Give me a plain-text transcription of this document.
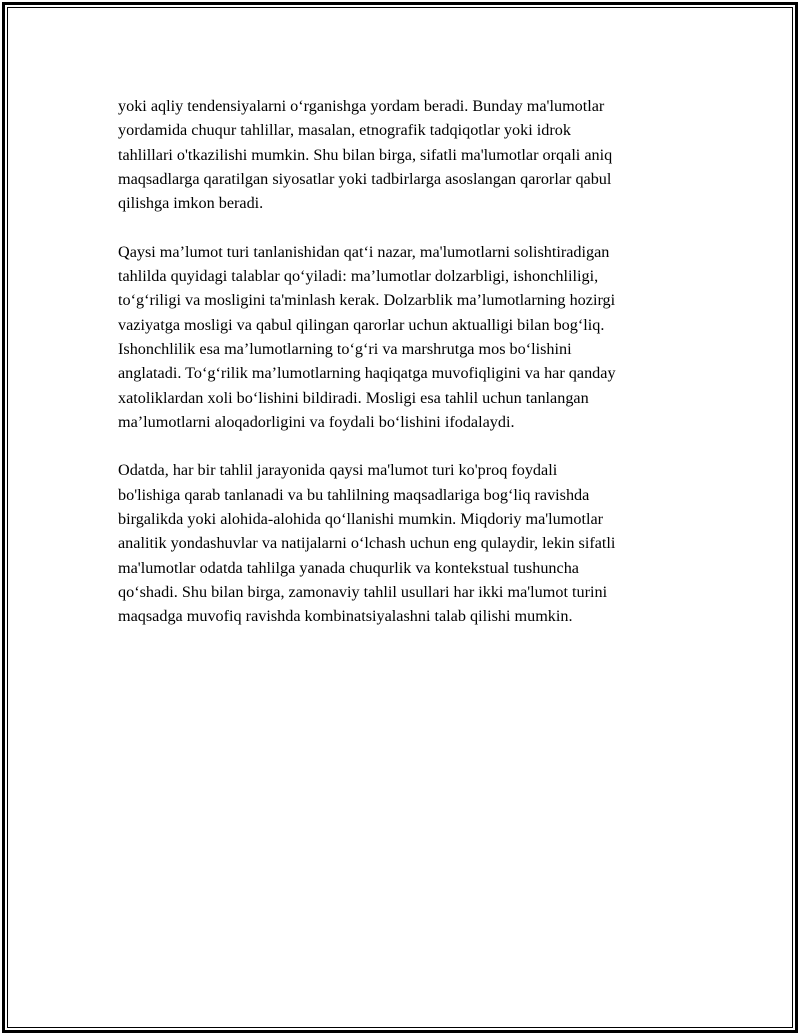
yoki aqliy tendensiyalarni o‘rganishga yordam beradi. Bunday ma'lumotlar
yordamida chuqur tahlillar, masalan, etnografik tadqiqotlar yoki idrok
tahlillari o'tkazilishi mumkin. Shu bilan birga, sifatli ma'lumotlar orqali aniq
maqsadlarga qaratilgan siyosatlar yoki tadbirlarga asoslangan qarorlar qabul
qilishga imkon beradi.

Qaysi ma’lumot turi tanlanishidan qat‘i nazar, ma'lumotlarni solishtiradigan
tahlilda quyidagi talablar qo‘yiladi: ma’lumotlar dolzarbligi, ishonchliligi,
to‘g‘riligi va mosligini ta'minlash kerak. Dolzarblik ma’lumotlarning hozirgi
vaziyatga mosligi va qabul qilingan qarorlar uchun aktualligi bilan bog‘liq.
Ishonchlilik esa ma’lumotlarning to‘g‘ri va marshrutga mos bo‘lishini
anglatadi. To‘g‘rilik ma’lumotlarning haqiqatga muvofiqligini va har qanday
xatoliklardan xoli bo‘lishini bildiradi. Mosligi esa tahlil uchun tanlangan
ma’lumotlarni aloqadorligini va foydali bo‘lishini ifodalaydi.

Odatda, har bir tahlil jarayonida qaysi ma'lumot turi ko'proq foydali
bo'lishiga qarab tanlanadi va bu tahlilning maqsadlariga bog‘liq ravishda
birgalikda yoki alohida-alohida qo‘llanishi mumkin. Miqdoriy ma'lumotlar
analitik yondashuvlar va natijalarni o‘lchash uchun eng qulaydir, lekin sifatli
ma'lumotlar odatda tahlilga yanada chuqurlik va kontekstual tushuncha
qo‘shadi. Shu bilan birga, zamonaviy tahlil usullari har ikki ma'lumot turini
maqsadga muvofiq ravishda kombinatsiyalashni talab qilishi mumkin.
